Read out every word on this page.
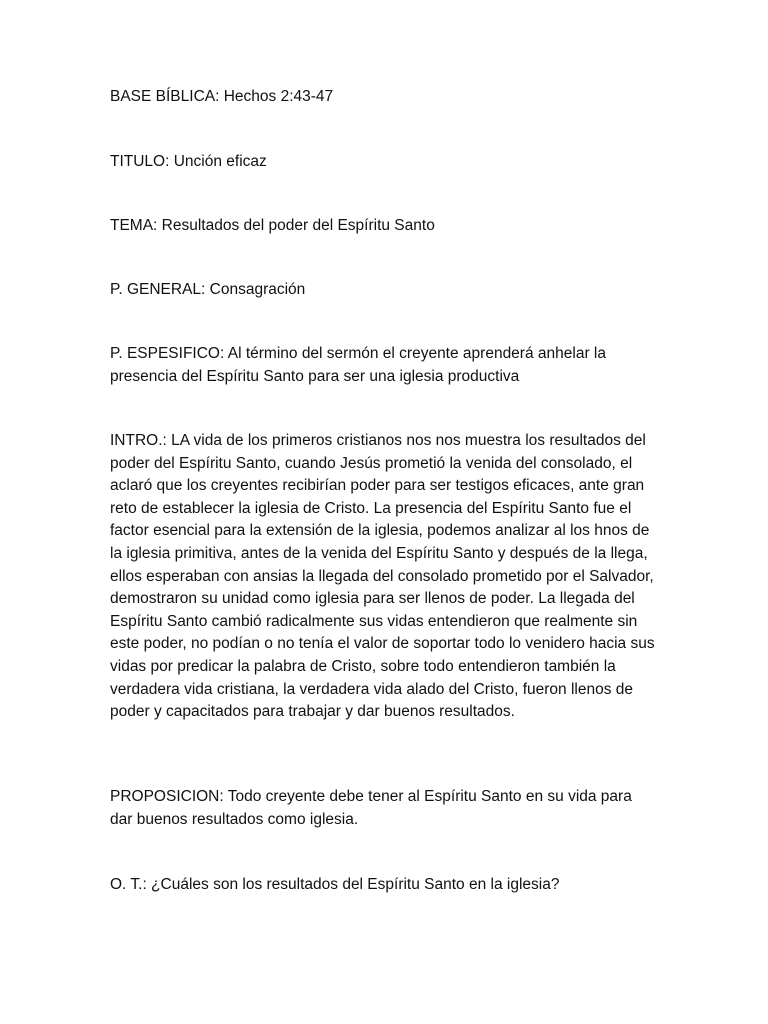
BASE BÍBLICA: Hechos 2:43-47

TITULO: Unción eficaz

TEMA: Resultados del poder del Espíritu Santo

P. GENERAL: Consagración

P. ESPESIFICO: Al término del sermón el creyente aprenderá anhelar la presencia del Espíritu Santo para ser una iglesia productiva

INTRO.: LA vida de los primeros cristianos nos nos muestra los resultados del poder del Espíritu Santo, cuando Jesús prometió la venida del consolado, el aclaró que los creyentes recibirían poder para ser testigos eficaces, ante gran reto de establecer la iglesia de Cristo. La presencia del Espíritu Santo fue el factor esencial para la extensión de la iglesia, podemos analizar al los hnos de la iglesia primitiva, antes de la venida del Espíritu Santo y después de la llega, ellos esperaban con ansias la llegada del consolado prometido por el Salvador, demostraron su unidad como iglesia para ser llenos de poder. La llegada del Espíritu Santo cambió radicalmente sus vidas entendieron que realmente sin este poder, no podían o no tenía el valor de soportar todo lo venidero hacia sus vidas por predicar la palabra de Cristo, sobre todo entendieron también la verdadera vida cristiana, la verdadera vida alado del Cristo, fueron llenos de poder y capacitados para trabajar y dar buenos resultados.

PROPOSICION: Todo creyente debe tener al Espíritu Santo en su vida para dar buenos resultados como iglesia.

O. T.: ¿Cuáles son los resultados del Espíritu Santo en la iglesia?
